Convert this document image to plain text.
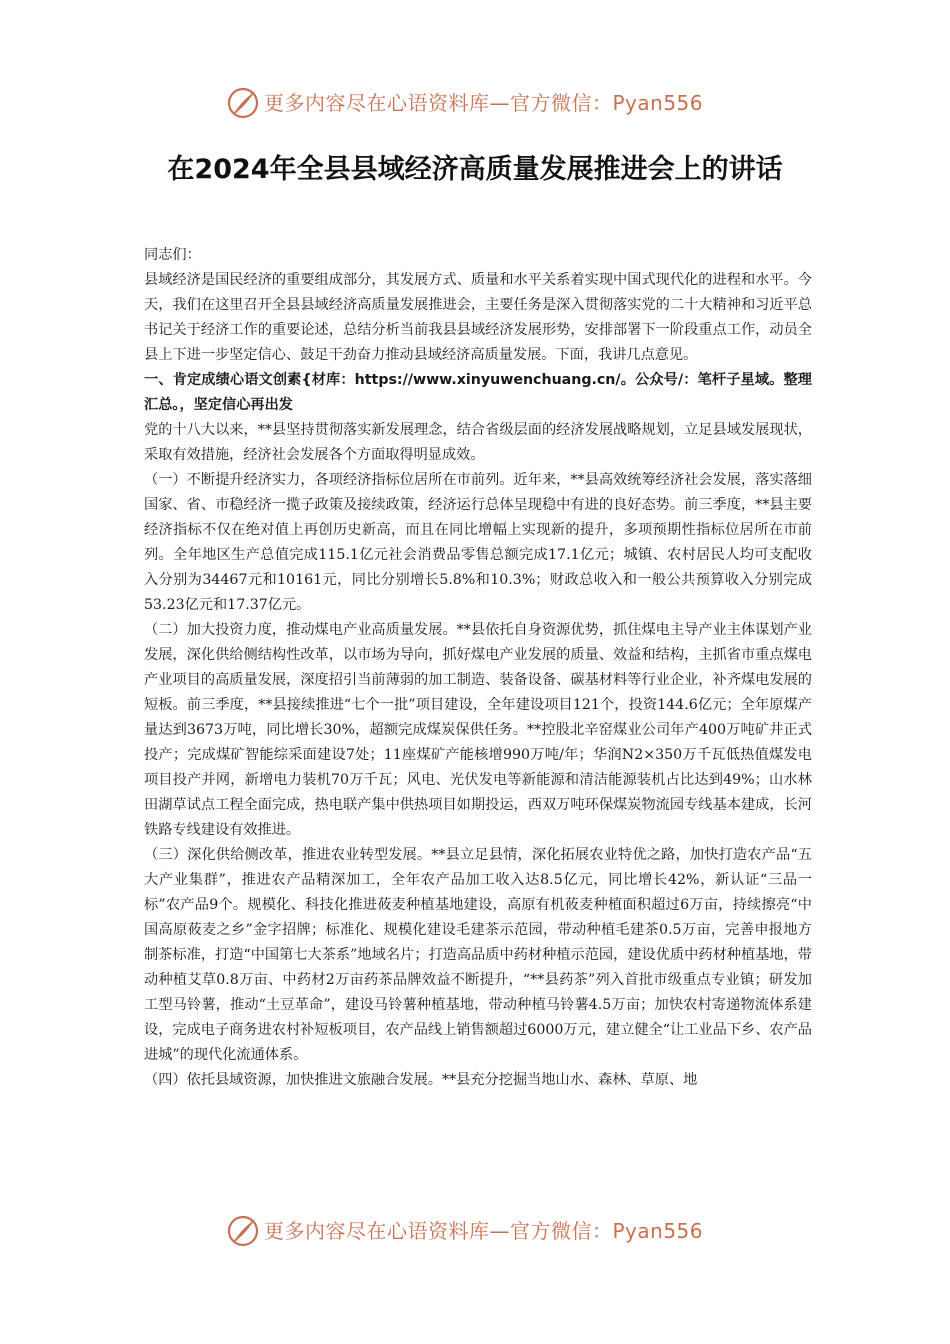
更多内容尽在心语资料库—官方微信：Pyan556
在2024年全县县域经济高质量发展推进会上的讲话

同志们：

县域经济是国民经济的重要组成部分，其发展方式、质量和水平关系着实现中国式现代化的进程和水平。今天，我们在这里召开全县县域经济高质量发展推进会，主要任务是深入贯彻落实党的二十大精神和习近平总书记关于经济工作的重要论述，总结分析当前我县县域经济发展形势，安排部署下一阶段重点工作，动员全县上下进一步坚定信心、鼓足干劲奋力推动县域经济高质量发展。下面，我讲几点意见。

一、肯定成绩心语文创素{材库：https://www.xinyuwenchuang.cn/。公众号/：笔杆子星域。整理汇总。，坚定信心再出发

党的十八大以来，**县坚持贯彻落实新发展理念，结合省级层面的经济发展战略规划，立足县域发展现状，采取有效措施，经济社会发展各个方面取得明显成效。

（一）不断提升经济实力，各项经济指标位居所在市前列。近年来，**县高效统筹经济社会发展，落实落细国家、省、市稳经济一揽子政策及接续政策，经济运行总体呈现稳中有进的良好态势。前三季度，**县主要经济指标不仅在绝对值上再创历史新高，而且在同比增幅上实现新的提升，多项预期性指标位居所在市前列。全年地区生产总值完成115.1亿元社会消费品零售总额完成17.1亿元；城镇、农村居民人均可支配收入分别为34467元和10161元，同比分别增长5.8%和10.3%；财政总收入和一般公共预算收入分别完成53.23亿元和17.37亿元。

（二）加大投资力度，推动煤电产业高质量发展。**县依托自身资源优势，抓住煤电主导产业主体谋划产业发展，深化供给侧结构性改革，以市场为导向，抓好煤电产业发展的质量、效益和结构，主抓省市重点煤电产业项目的高质量发展，深度招引当前薄弱的加工制造、装备设备、碳基材料等行业企业，补齐煤电发展的短板。前三季度，**县接续推进“七个一批”项目建设，全年建设项目121个，投资144.6亿元；全年原煤产量达到3673万吨，同比增长30%，超额完成煤炭保供任务。**控股北辛窑煤业公司年产400万吨矿井正式投产；完成煤矿智能综采面建设7处；11座煤矿产能核增990万吨/年；华润N2×350万千瓦低热值煤发电项目投产并网，新增电力装机70万千瓦；风电、光伏发电等新能源和清洁能源装机占比达到49%；山水林田湖草试点工程全面完成，热电联产集中供热项目如期投运，西双万吨环保煤炭物流园专线基本建成，长河铁路专线建设有效推进。

（三）深化供给侧改革，推进农业转型发展。**县立足县情，深化拓展农业特优之路，加快打造农产品“五大产业集群”，推进农产品精深加工，全年农产品加工收入达8.5亿元，同比增长42%，新认证“三品一标”农产品9个。规模化、科技化推进莜麦种植基地建设，高原有机莜麦种植面积超过6万亩，持续擦亮“中国高原莜麦之乡”金字招牌；标准化、规模化建设毛建茶示范园，带动种植毛建茶0.5万亩，完善申报地方制茶标准，打造“中国第七大茶系”地域名片；打造高品质中药材种植示范园，建设优质中药材种植基地，带动种植艾草0.8万亩、中药材2万亩药茶品牌效益不断提升，“**县药茶”列入首批市级重点专业镇；研发加工型马铃薯，推动“土豆革命”，建设马铃薯种植基地，带动种植马铃薯4.5万亩；加快农村寄递物流体系建设，完成电子商务进农村补短板项目，农产品线上销售额超过6000万元，建立健全“让工业品下乡、农产品进城”的现代化流通体系。

（四）依托县域资源，加快推进文旅融合发展。**县充分挖掘当地山水、森林、草原、地

更多内容尽在心语资料库—官方微信：Pyan556
